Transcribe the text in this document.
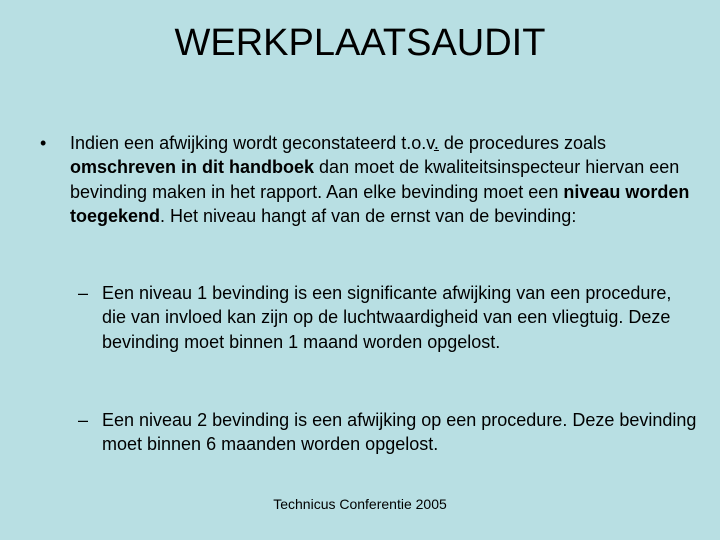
WERKPLAATSAUDIT
•	Indien een afwijking wordt geconstateerd t.o.v. de procedures zoals omschreven in dit handboek dan moet de kwaliteitsinspecteur hiervan een bevinding maken in het rapport. Aan elke bevinding moet een niveau worden toegekend. Het niveau hangt af van de ernst van de bevinding:
– Een niveau 1 bevinding is een significante afwijking van een procedure, die van invloed kan zijn op de luchtwaardigheid van een vliegtuig. Deze bevinding moet binnen 1 maand worden opgelost.
– Een niveau 2 bevinding is een afwijking op een procedure. Deze bevinding moet binnen 6 maanden worden opgelost.
Technicus Conferentie 2005
